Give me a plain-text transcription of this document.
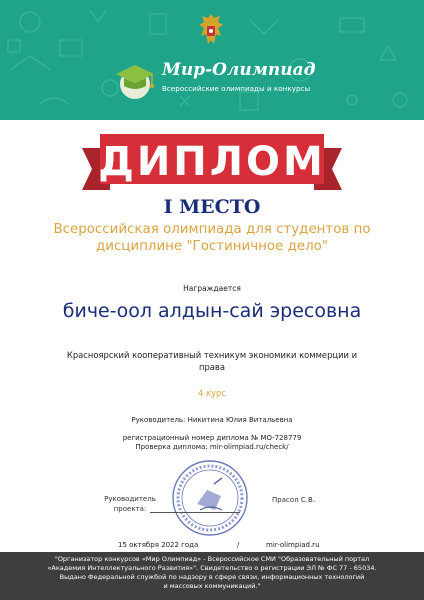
Мир-Олимпиад
Всероссийские олимпиады и конкурсы
ДИПЛОМ
I МЕСТО
Всероссийская олимпиада для студентов по
дисциплине "Гостиничное дело"
Награждается
биче-оол алдын-сай эресовна
Красноярский кооперативный техникум экономики коммерции и
права
4 курс
Руководитель: Никитина Юлия Витальевна
регистрационный номер диплома № МО-728779
Проверка диплома: mir-olimpiad.ru/check/
Руководитель
проекта:
Прасол С.В.
15 октября 2022 года	/	mir-olimpiad.ru
"Организатор конкурсов «Мир Олимпиад» - Всероссийское СМИ "Образовательный портал
«Академия Интеллектуального Развития»". Свидетельство о регистрации ЭЛ № ФС 77 - 65034.
Выдано Федеральной службой по надзору в сфере связи, информационных технологий
и массовых коммуникаций."
